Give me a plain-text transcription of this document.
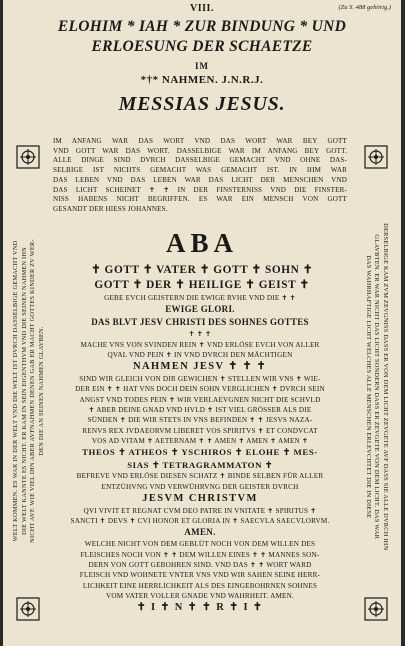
VIII.	(Zu S. 488 gehörig.)
ELOHIM * IAH * ZUR BINDUNG * UND
ERLOESUNG DER SCHAETZE
IM
*†* NAHMEN. J.N.R.J.
MESSIAS JESUS.
WELT KOMMEN. ES WAR IN DER WELT VND DIE WELT IST DVRCH DASSELBIGE GEMACHT VND DIE WELT KANNTE ES NICHT. ER KAM IN SEIN EIGENTHVM VND DIE SEINEN NAHMEN IHN NICHT AVF. WIE VIEL IHN ABER AVFNAHMEN DENEN GAB ER MACHT GOTTES KINDER ZV WER- DEN DIE AN SEINEN NAHMEN GLAVBEN.	DERSELBIGE KAM ZVM ZEVGNISS DASS ER VON DEM LICHT ZEVGETE AVF DASS SIE ALLE DVRCH IHN
GLAVBTEN. ER WAR NICHT DAS LICHT SONDERN DASS ER ZEVGETE VON DEM LICHT. DAS WAR
DAS WAHRHAFTIGE LICHT WELCHES ALLE MENSCHEN ERLEVCHTET DIE IN DIESE
IM ANFANG WAR DAS WORT VND DAS WORT WAR BEY GOTT
VND GOTT WAR DAS WORT. DASSELBIGE WAR IM ANFANG BEY GOTT.
ALLE DINGE SIND DVRCH DASSELBIGE GEMACHT VND OHNE DAS-
SELBIGE IST NICHTS GEMACHT WAS GEMACHT IST. IN IHM WAR
DAS LEBEN VND DAS LEBEN WAR DAS LICHT DER MENSCHEN VND
DAS LICHT SCHEINET ✝ ✝ IN DER FINSTERNISS VND DIE FINSTER-
NISS HABENS NICHT BEGRIFFEN. ES WAR EIN MENSCH VON GOTT
GESANDT DER HIESS JOHANNES.
ABA
✝ GOTT ✝ VATER ✝ GOTT ✝ SOHN ✝
GOTT ✝ DER ✝ HEILIGE ✝ GEIST ✝
GEBE EVCH GEISTERN DIE EWIGE RVHE VND DIE ✝ ✝
EWIGE GLORI.
DAS BLVT JESV CHRISTI DES SOHNES GOTTES
✝ ✝ ✝
MACHE VNS VON SVINDEN REIN ✝ VND ERLÖSE EVCH VON ALLER
QVAL VND PEIN ✝ IN VND DVRCH DEN MÄCHTIGEN
NAHMEN JESV ✝ ✝ ✝
SIND WIR GLEICH VON DIR GEWICHEN ✝ STELLEN WIR VNS ✝ WIE-
DER EIN ✝ ✝ HAT VNS DOCH DEIN SOHN VERGLICHEN ✝ DVRCH SEIN
ANGST VND TODES PEIN ✝ WIR VERLAEVGNEN NICHT DIE SCHVLD
✝ ABER DEINE GNAD VND HVLD ✝ IST VIEL GRÖSSER ALS DIE
SÜNDEN ✝ DIE WIR STETS IN VNS BEFINDEN ✝ ✝ JESVS NAZA-
RENVS REX JVDAEORVM LIBERET VOS SPIRITVS ✝ ET CONDVCAT
VOS AD VITAM ✝ AETERNAM ✝ ✝ AMEN ✝ AMEN ✝ AMEN ✝
THEOS ✝ ATHEOS ✝ YSCHIROS ✝ ELOHE ✝ MES-
SIAS ✝ TETRAGRAMMATON ✝
BEFREVE VND ERLÖSE DIESEN SCHATZ ✝ BINDE SELBEN FÜR ALLER
ENTZÜHVNG VND VERWÜHRVNG DER GEISTER DVRCH
JESVM CHRISTVM
QVI VIVIT ET REGNAT CVM DEO PATRE IN VNITATE ✝ SPIRITUS ✝
SANCTI ✝ DEVS ✝ CVI HONOR ET GLORIA IN ✝ SAECVLA SAECVLORVM.
AMEN.
WELCHE NICHT VON DEM GEBLÜT NOCH VON DEM WILLEN DES
FLEISCHES NOCH VON ✝ ✝ DEM WILLEN EINES ✝ ✝ MANNES SON-
DERN VON GOTT GEBOHREN SIND. VND DAS ✝ ✝ WORT WARD
FLEISCH VND WOHNETE VNTER VNS VND WIR SAHEN SEINE HERR-
LICHKEIT EINE HERRLICHKEIT ALS DES EINGEBOHRNEN SOHNES
VOM VATER VOLLER GNADE VND WAHRHEIT. AMEN.
✝ I ✝ N ✝ ✝ R ✝ I ✝
